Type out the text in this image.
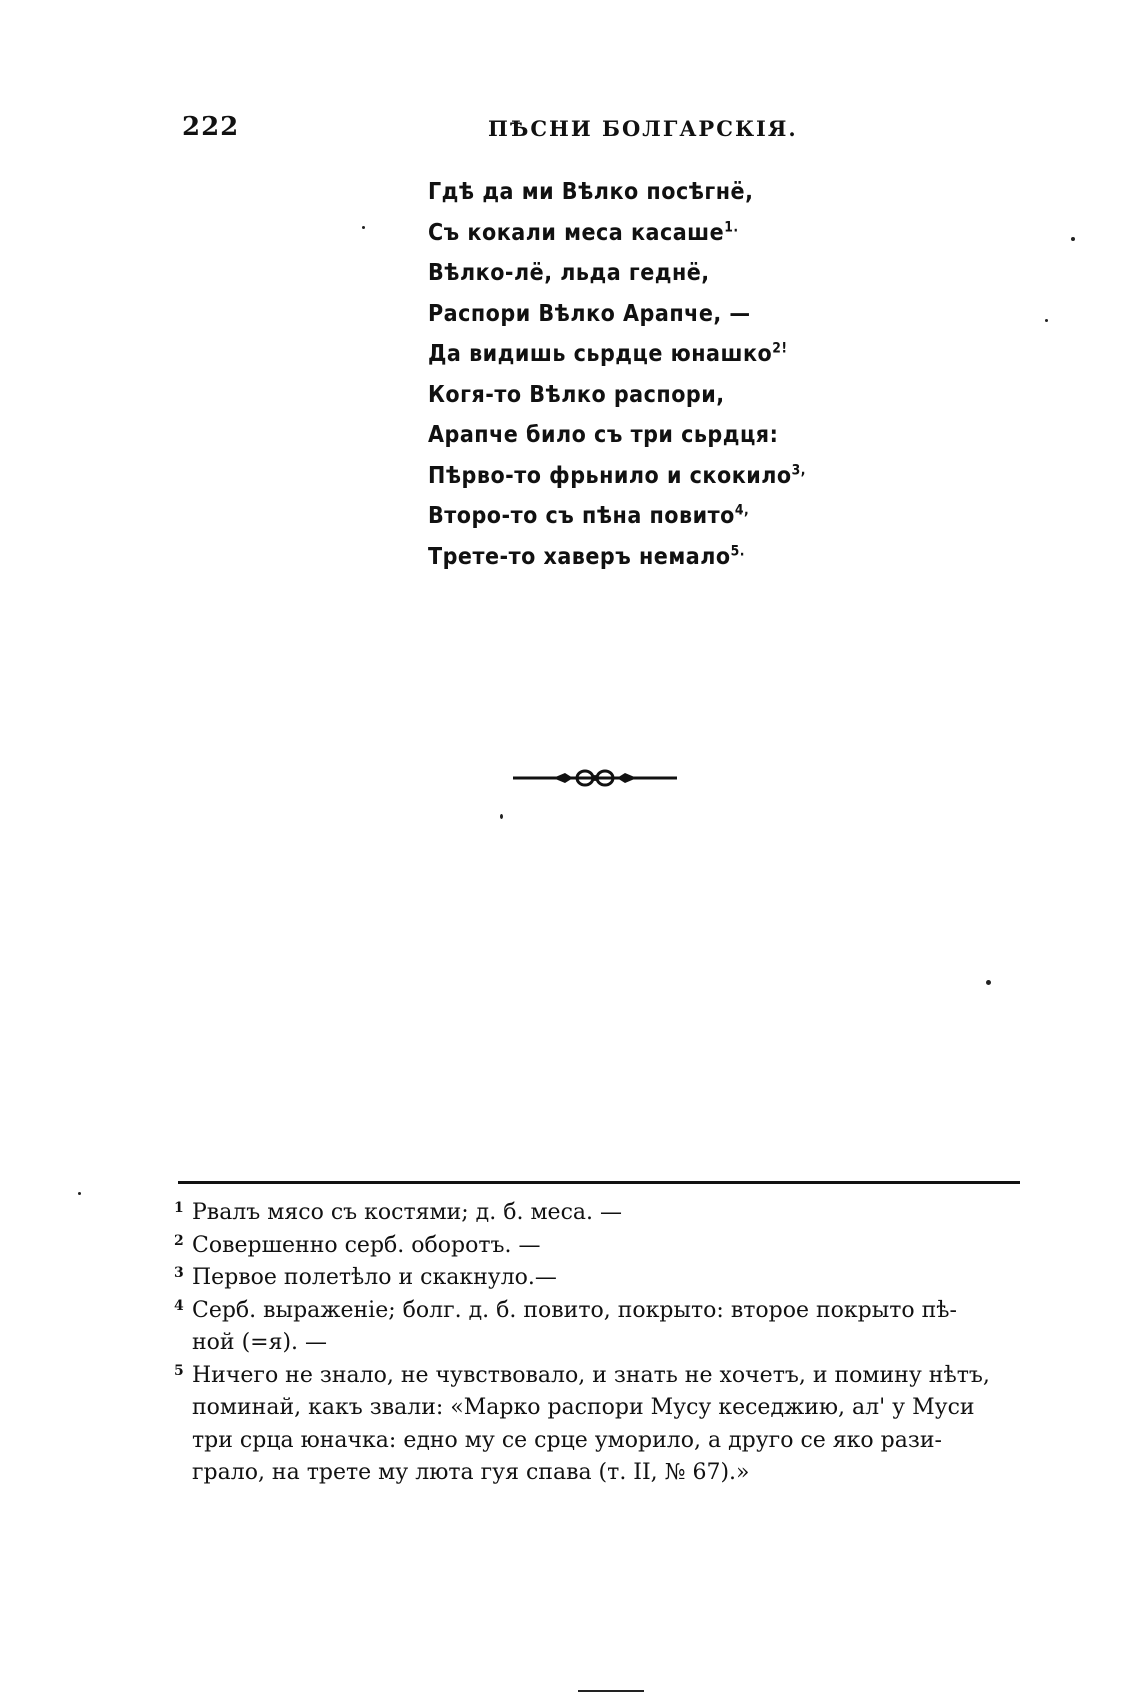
222	ПѢСНИ БОЛГАРСКІЯ.
Гдѣ да ми Вѣлко посѣгнё,
Съ кокали меса касаше$^{1.}$
Вѣлко-лё, льда геднё,
Распори Вѣлко Арапче, —
Да видишь сьрдце юнашко$^{2!}$
Когя-то Вѣлко распори,
Арапче било съ три сьрдця:
Пѣрво-то фрьнило и скокило$^{3,}$
Второ-то съ пѣна повито$^{4,}$
Трете-то хаверъ немало$^{5.}$
1 Рвалъ мясо съ костями; д. б. меса. —
2 Совершенно серб. оборотъ. —
3 Первое полетѣло и скакнуло.—
4 Серб. выраженіе; болг. д. б. повито, покрыто: второе покрыто пѣ-
ной (=я). —
5 Ничего не знало, не чувствовало, и знать не хочетъ, и помину нѣтъ,
поминай, какъ звали: «Марко распори Мусу кеседжию, ал' у Муси
три срца юначка: едно му се срце уморило, а друго се яко рази-
грало, на трете му люта гуя спава (т. II, № 67).»
